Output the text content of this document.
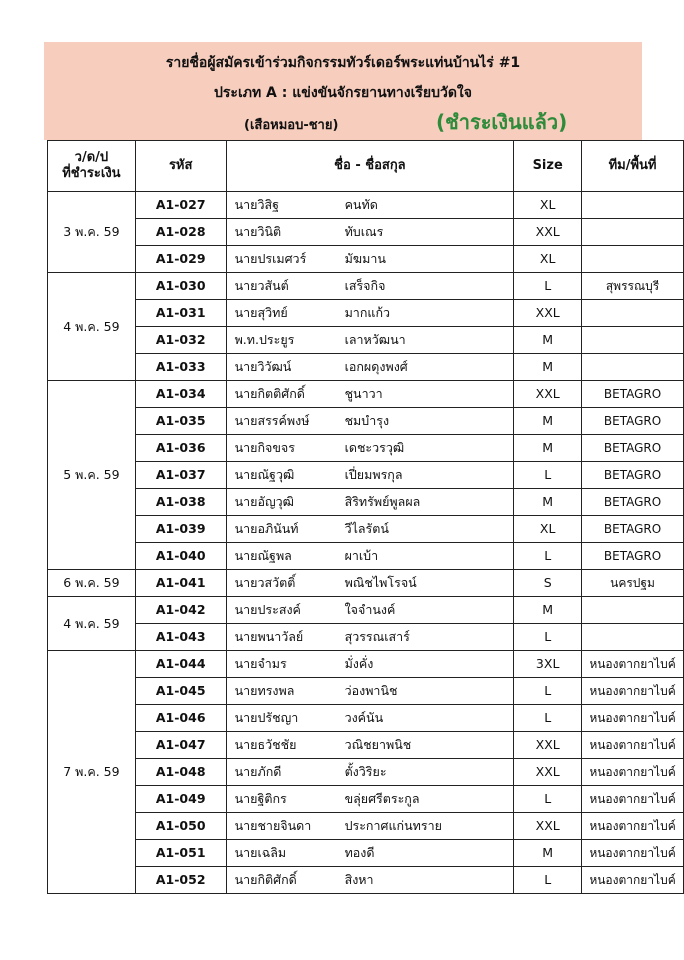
รายชื่อผู้สมัครเข้าร่วมกิจกรรมทัวร์เดอร์พระแท่นบ้านไร่ #1
ประเภท A : แข่งขันจักรยานทางเรียบวัดใจ
(เสือหมอบ-ชาย)	(ชำระเงินแล้ว)
ว/ด/ป
ที่ชำระเงิน	รหัส	ชื่อ - ชื่อสกุล	Size	ทีม/พื้นที่
3 พ.ค. 59	A1-027	นายวิสิฐ คนทัด	XL	
	A1-028	นายวินิติ ทับเณร	XXL	
	A1-029	นายปรเมศวร์ มัฆมาน	XL	
4 พ.ค. 59	A1-030	นายวสันต์ เสร็จกิจ	L	สุพรรณบุรี
	A1-031	นายสุวิทย์ มากแก้ว	XXL	
	A1-032	พ.ท.ประยูร เลาหวัฒนา	M	
	A1-033	นายวิวัฒน์ เอกผดุงพงศ์	M	
5 พ.ค. 59	A1-034	นายกิตติศักดิ์ ชูนาวา	XXL	BETAGRO
	A1-035	นายสรรค์พงษ์ ชมบำรุง	M	BETAGRO
	A1-036	นายกิจขจร เดชะวรวุฒิ	M	BETAGRO
	A1-037	นายณัฐวุฒิ เปี่ยมพรกุล	L	BETAGRO
	A1-038	นายอัญวุฒิ สิริทรัพย์พูลผล	M	BETAGRO
	A1-039	นายอภินันท์ วีไลรัตน์	XL	BETAGRO
	A1-040	นายณัฐพล ผาเบ้า	L	BETAGRO
6 พ.ค. 59	A1-041	นายวสวัตติ์ พณิชไพโรจน์	S	นครปฐม
4 พ.ค. 59	A1-042	นายประสงค์ ใจจำนงค์	M	
	A1-043	นายพนาวัลย์ สุวรรณเสาร์	L	
7 พ.ค. 59	A1-044	นายจำมร มั่งคั่ง	3XL	หนองตากยาไบค์
	A1-045	นายทรงพล ว่องพานิช	L	หนองตากยาไบค์
	A1-046	นายปรัชญา วงค์นัน	L	หนองตากยาไบค์
	A1-047	นายธวัชชัย วณิชยาพนิช	XXL	หนองตากยาไบค์
	A1-048	นายภักดี ตั้งวิริยะ	XXL	หนองตากยาไบค์
	A1-049	นายฐิติกร ขลุ่ยศรีตระกูล	L	หนองตากยาไบค์
	A1-050	นายชายจินดา ประกาศแก่นทราย	XXL	หนองตากยาไบค์
	A1-051	นายเฉลิม ทองดี	M	หนองตากยาไบค์
	A1-052	นายกิติศักดิ์ สิงหา	L	หนองตากยาไบค์
